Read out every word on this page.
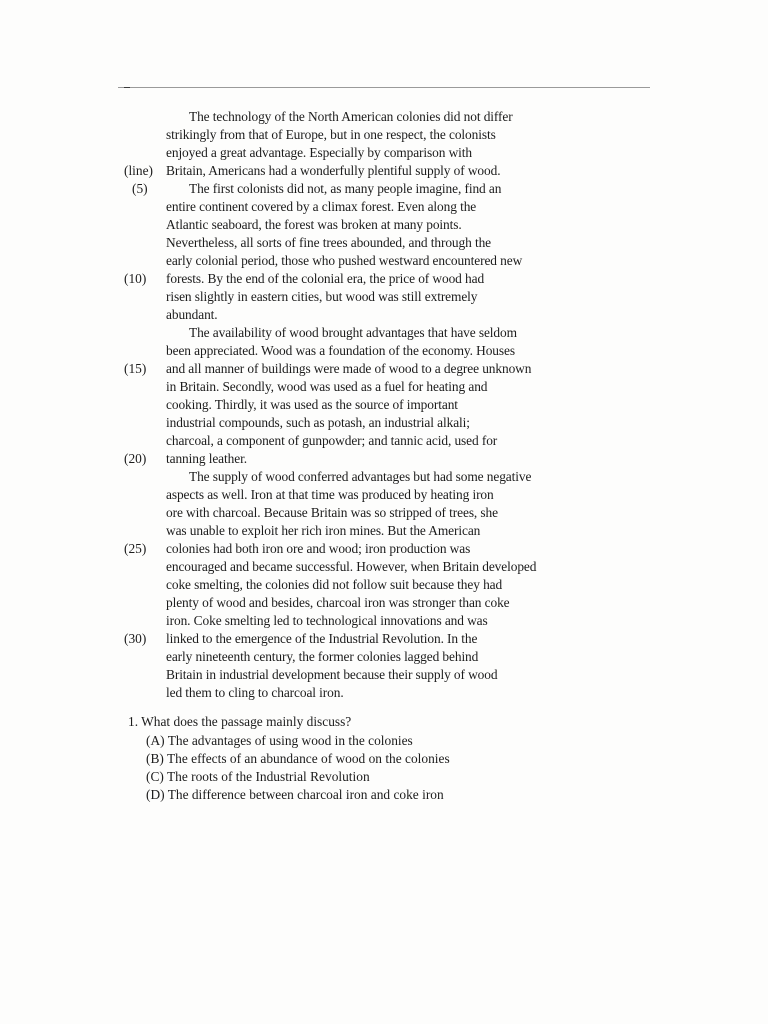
The technology of the North American colonies did not differ
strikingly from that of Europe, but in one respect, the colonists
enjoyed a great advantage. Especially by comparison with
Britain, Americans had a wonderfully plentiful supply of wood.
The first colonists did not, as many people imagine, find an
entire continent covered by a climax forest. Even along the
Atlantic seaboard, the forest was broken at many points.
Nevertheless, all sorts of fine trees abounded, and through the
early colonial period, those who pushed westward encountered new
forests. By the end of the colonial era, the price of wood had
risen slightly in eastern cities, but wood was still extremely
abundant.
The availability of wood brought advantages that have seldom
been appreciated. Wood was a foundation of the economy. Houses
and all manner of buildings were made of wood to a degree unknown
in Britain. Secondly, wood was used as a fuel for heating and
cooking. Thirdly, it was used as the source of important
industrial compounds, such as potash, an industrial alkali;
charcoal, a component of gunpowder; and tannic acid, used for
tanning leather.
The supply of wood conferred advantages but had some negative
aspects as well. Iron at that time was produced by heating iron
ore with charcoal. Because Britain was so stripped of trees, she
was unable to exploit her rich iron mines. But the American
colonies had both iron ore and wood; iron production was
encouraged and became successful. However, when Britain developed
coke smelting, the colonies did not follow suit because they had
plenty of wood and besides, charcoal iron was stronger than coke
iron. Coke smelting led to technological innovations and was
linked to the emergence of the Industrial Revolution. In the
early nineteenth century, the former colonies lagged behind
Britain in industrial development because their supply of wood
led them to cling to charcoal iron.
(line)
(5)
(10)
(15)
(20)
(25)
(30)
1. What does the passage mainly discuss?
(A) The advantages of using wood in the colonies
(B) The effects of an abundance of wood on the colonies
(C) The roots of the Industrial Revolution
(D) The difference between charcoal iron and coke iron
